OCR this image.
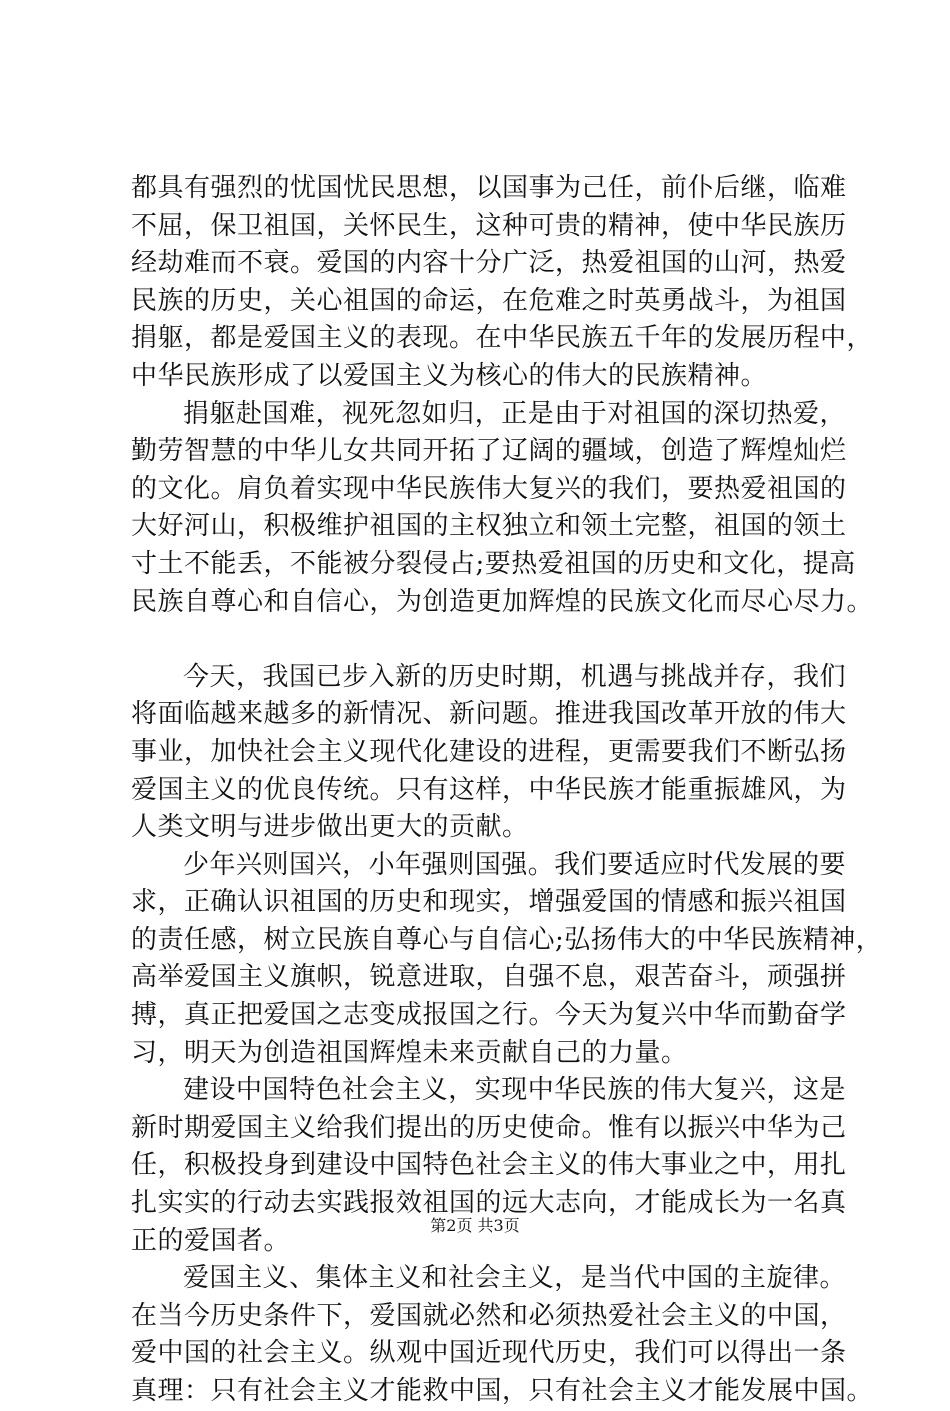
都具有强烈的忧国忧民思想，以国事为己任，前仆后继，临难
不屈，保卫祖国，关怀民生，这种可贵的精神，使中华民族历
经劫难而不衰。爱国的内容十分广泛，热爱祖国的山河，热爱
民族的历史，关心祖国的命运，在危难之时英勇战斗，为祖国
捐躯，都是爱国主义的表现。在中华民族五千年的发展历程中，
中华民族形成了以爱国主义为核心的伟大的民族精神。
捐躯赴国难，视死忽如归，正是由于对祖国的深切热爱，
勤劳智慧的中华儿女共同开拓了辽阔的疆域，创造了辉煌灿烂
的文化。肩负着实现中华民族伟大复兴的我们，要热爱祖国的
大好河山，积极维护祖国的主权独立和领土完整，祖国的领土
寸土不能丢，不能被分裂侵占;要热爱祖国的历史和文化，提高
民族自尊心和自信心，为创造更加辉煌的民族文化而尽心尽力。
今天，我国已步入新的历史时期，机遇与挑战并存，我们
将面临越来越多的新情况、新问题。推进我国改革开放的伟大
事业，加快社会主义现代化建设的进程，更需要我们不断弘扬
爱国主义的优良传统。只有这样，中华民族才能重振雄风，为
人类文明与进步做出更大的贡献。
少年兴则国兴，小年强则国强。我们要适应时代发展的要
求，正确认识祖国的历史和现实，增强爱国的情感和振兴祖国
的责任感，树立民族自尊心与自信心;弘扬伟大的中华民族精神，
高举爱国主义旗帜，锐意进取，自强不息，艰苦奋斗，顽强拼
搏，真正把爱国之志变成报国之行。今天为复兴中华而勤奋学
习，明天为创造祖国辉煌未来贡献自己的力量。
建设中国特色社会主义，实现中华民族的伟大复兴，这是
新时期爱国主义给我们提出的历史使命。惟有以振兴中华为己
任，积极投身到建设中国特色社会主义的伟大事业之中，用扎
扎实实的行动去实践报效祖国的远大志向，才能成长为一名真
正的爱国者。
爱国主义、集体主义和社会主义，是当代中国的主旋律。
在当今历史条件下，爱国就必然和必须热爱社会主义的中国，
爱中国的社会主义。纵观中国近现代历史，我们可以得出一条
真理：只有社会主义才能救中国，只有社会主义才能发展中国。
第2页 共3页
